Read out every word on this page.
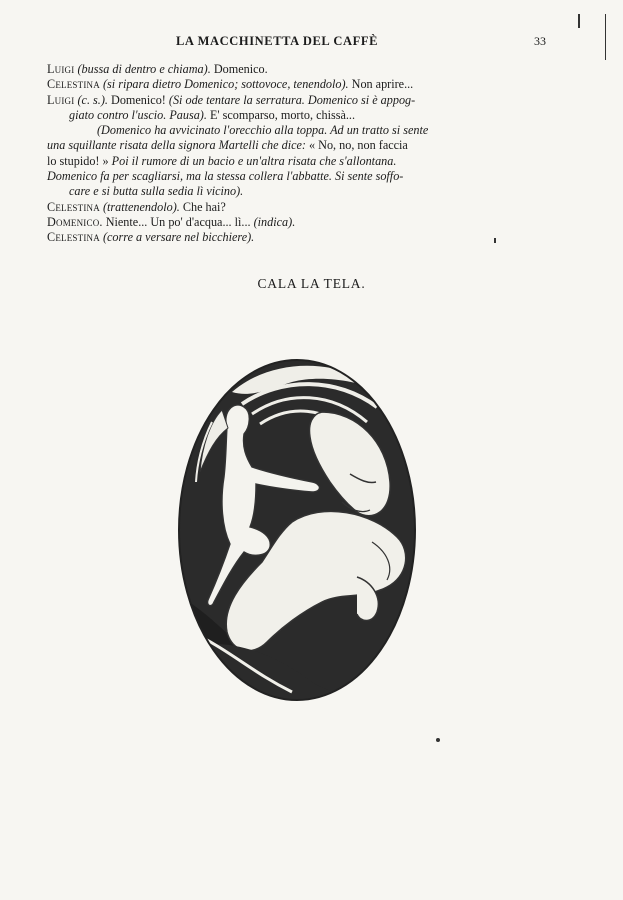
LA MACCHINETTA DEL CAFFÈ	33
Luigi (bussa di dentro e chiama). Domenico.
Celestina (si ripara dietro Domenico; sottovoce, tenendolo). Non aprire...
Luigi (c. s.). Domenico! (Si ode tentare la serratura. Domenico si è appog-
giato contro l'uscio. Pausa). E' scomparso, morto, chissà...
(Domenico ha avvicinato l'orecchio alla toppa. Ad un tratto si sente
una squillante risata della signora Martelli che dice: « No, no, non faccia
lo stupido! » Poi il rumore di un bacio e un'altra risata che s'allontana.
Domenico fa per scagliarsi, ma la stessa collera l'abbatte. Si sente soffo-
care e si butta sulla sedia lì vicino).
Celestina (trattenendolo). Che hai?
Domenico. Niente... Un po' d'acqua... lì... (indica).
Celestina (corre a versare nel bicchiere).
CALA LA TELA.
